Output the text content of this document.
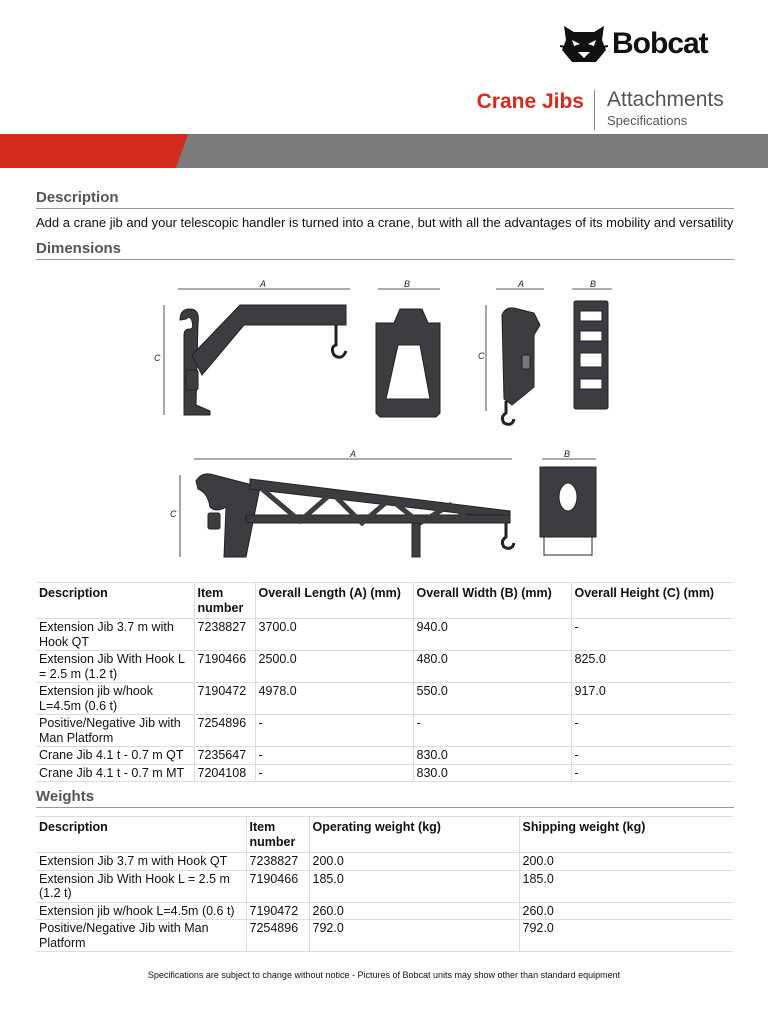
Bobcat
Crane Jibs Attachments
Specifications
Description
Add a crane jib and your telescopic handler is turned into a crane, but with all the advantages of its mobility and versatility
Dimensions
A
C
B	A
C
B
A
C
B
Description	Item number	Overall Length (A) (mm)	Overall Width (B) (mm)	Overall Height (C) (mm)
Extension Jib 3.7 m with Hook QT	7238827	3700.0	940.0	-
Extension Jib With Hook L = 2.5 m (1.2 t)	7190466	2500.0	480.0	825.0
Extension jib w/hook L=4.5m (0.6 t)	7190472	4978.0	550.0	917.0
Positive/Negative Jib with Man Platform	7254896	-	-	-
Crane Jib 4.1 t - 0.7 m QT	7235647	-	830.0	-
Crane Jib 4.1 t - 0.7 m MT	7204108	-	830.0	-
Weights
Description	Item number	Operating weight (kg)	Shipping weight (kg)
Extension Jib 3.7 m with Hook QT	7238827	200.0	200.0
Extension Jib With Hook L = 2.5 m (1.2 t)	7190466	185.0	185.0
Extension jib w/hook L=4.5m (0.6 t)	7190472	260.0	260.0
Positive/Negative Jib with Man Platform	7254896	792.0	792.0
Specifications are subject to change without notice - Pictures of Bobcat units may show other than standard equipment
